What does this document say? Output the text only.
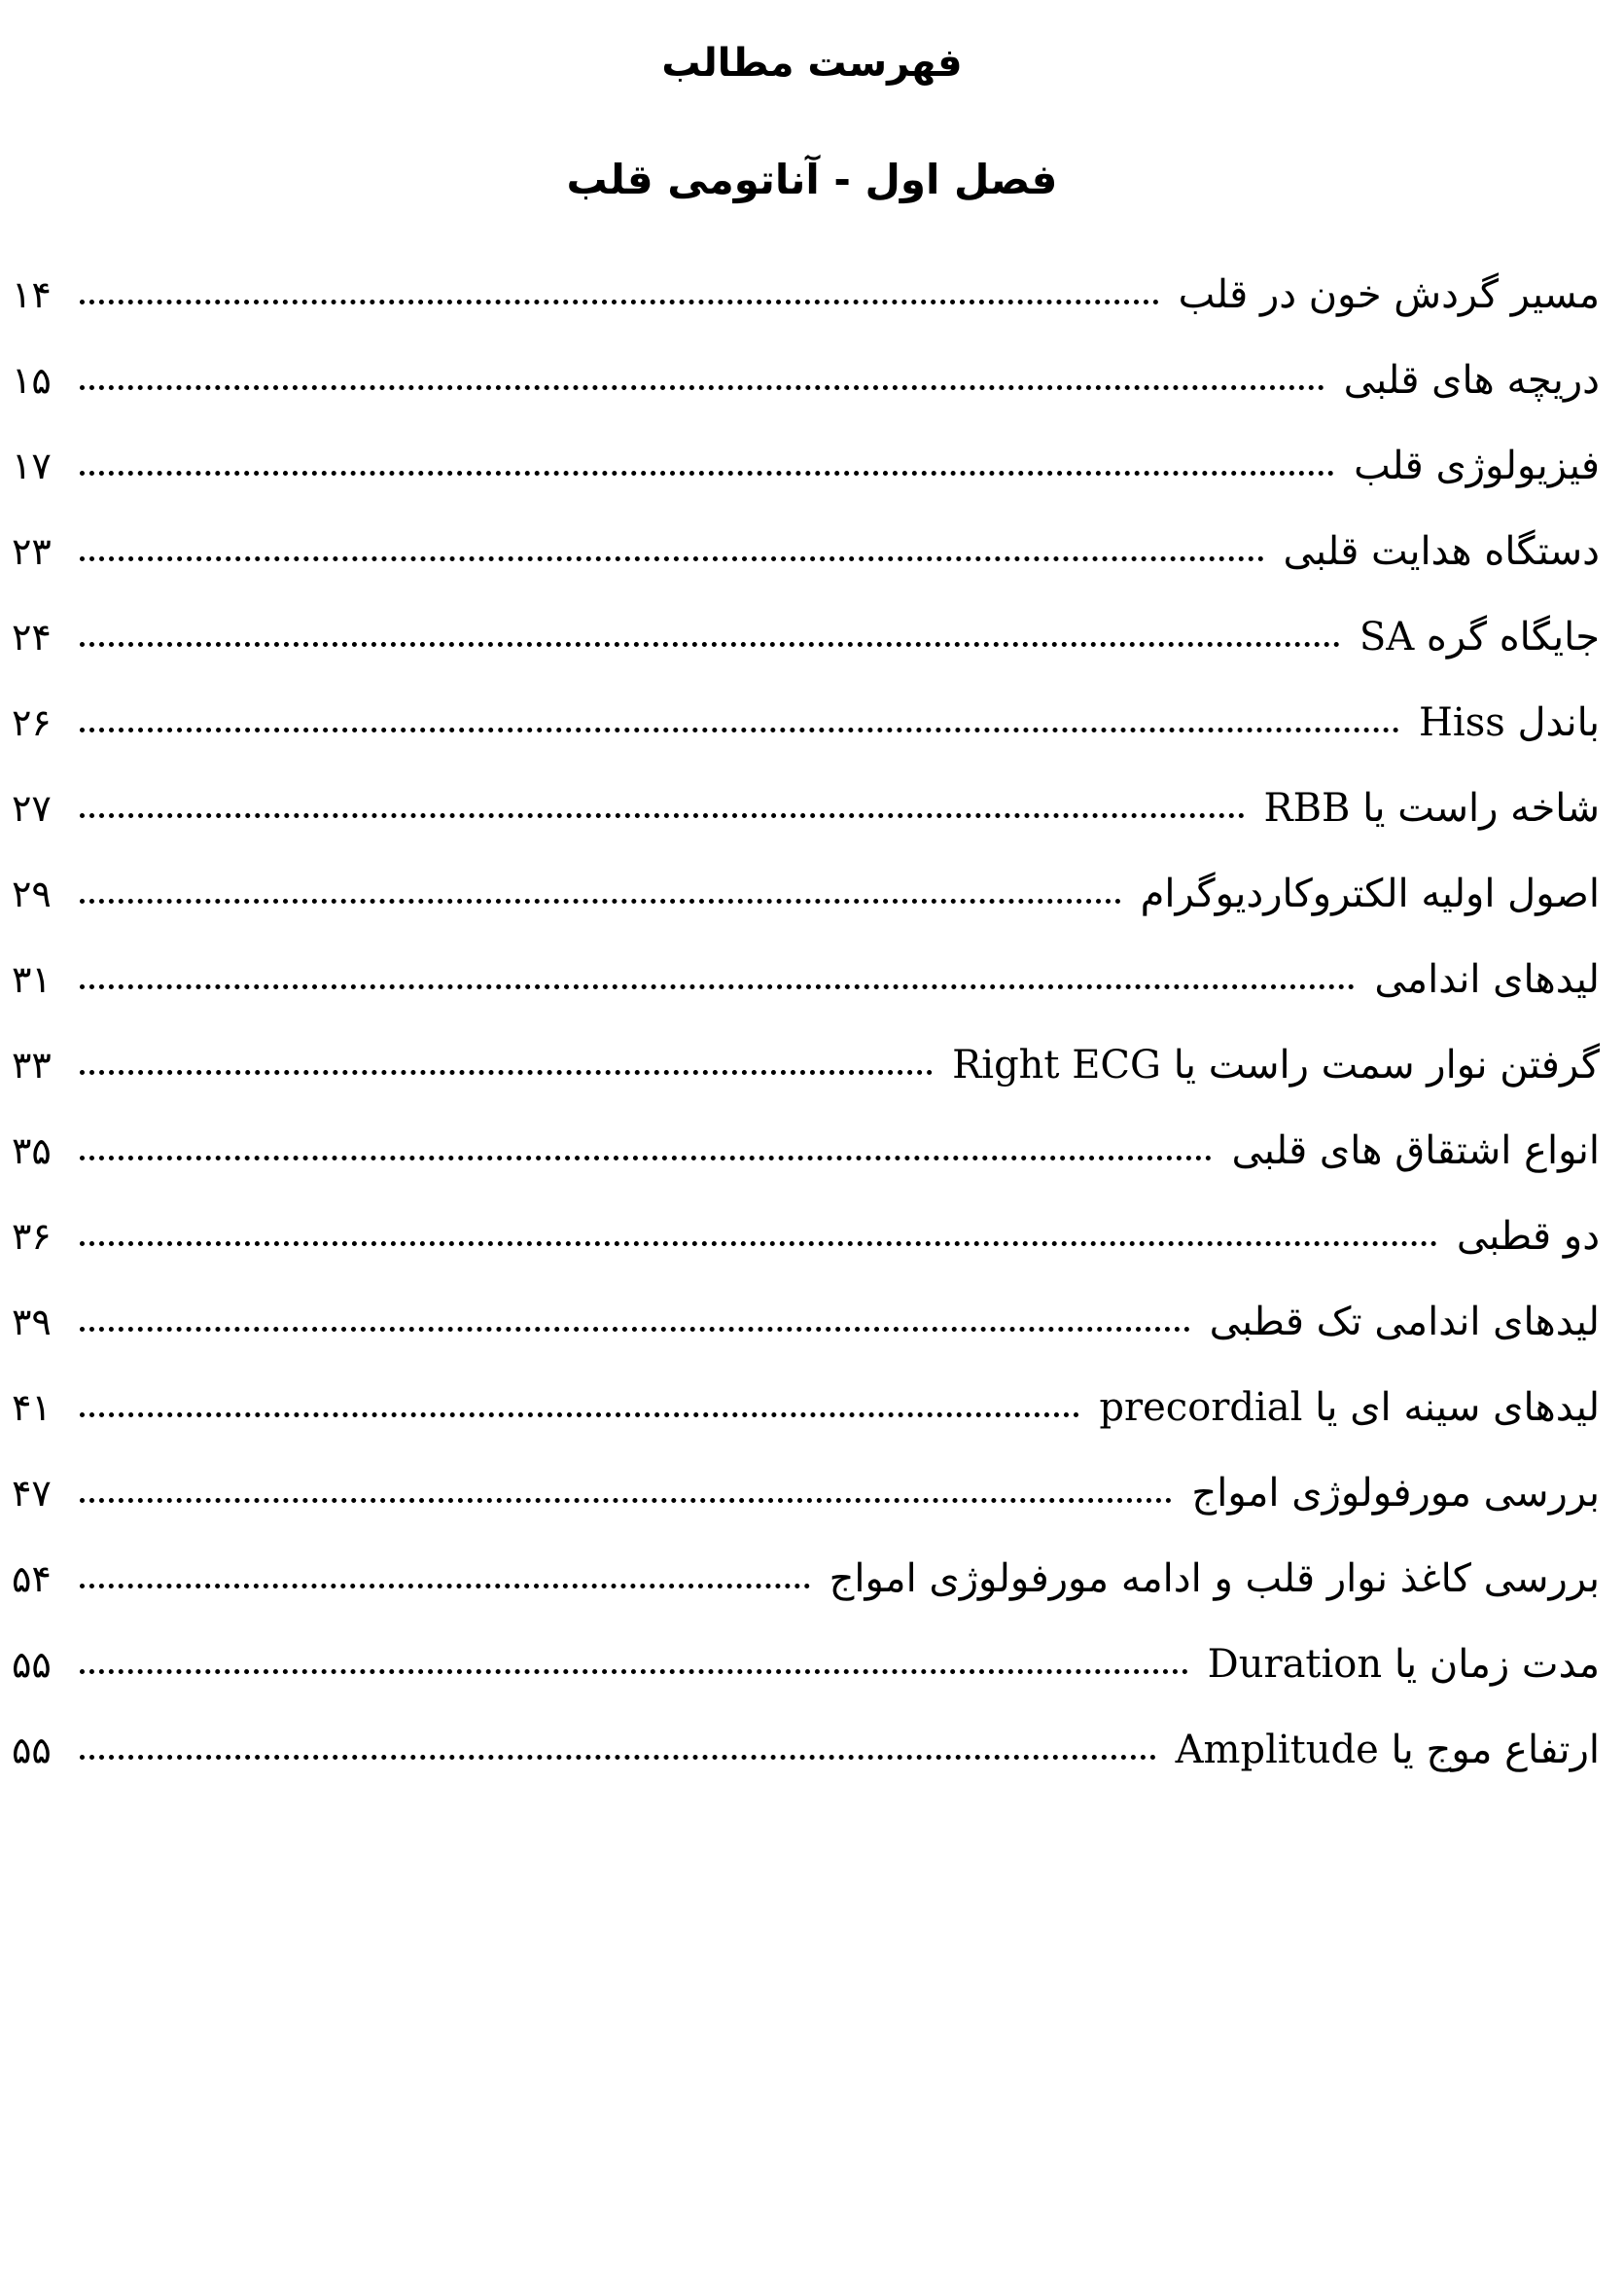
فهرست مطالب
فصل اول - آناتومی قلب
مسیر گردش خون در قلب
۱۴
دریچه های قلبی
۱۵
فیزیولوژی قلب
۱۷
دستگاه هدایت قلبی
۲۳
جایگاه گره SA
۲۴
باندل Hiss
۲۶
شاخه راست یا RBB
۲۷
اصول اولیه الکتروکاردیوگرام
۲۹
لیدهای اندامی
۳۱
گرفتن نوار سمت راست یا Right ECG
۳۳
انواع اشتقاق های قلبی
۳۵
دو قطبی
۳۶
لیدهای اندامی تک قطبی
۳۹
لیدهای سینه ای یا precordial
۴۱
بررسی مورفولوژی امواج
۴۷
بررسی کاغذ نوار قلب و ادامه مورفولوژی امواج
۵۴
مدت زمان یا Duration
۵۵
ارتفاع موج یا Amplitude
۵۵
